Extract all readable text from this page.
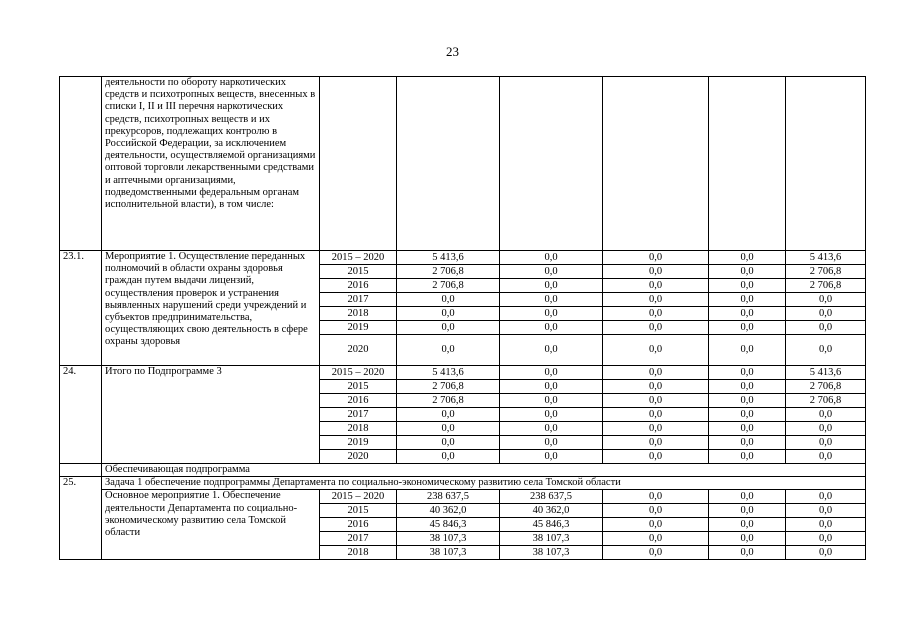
23
	деятельности по обороту наркотических средств и психотропных веществ, внесенных в списки I, II и III перечня наркотических средств, психотропных веществ и их прекурсоров, подлежащих контролю в Российской Федерации, за исключением деятельности, осуществляемой организациями оптовой торговли лекарственными средствами и аптечными организациями, подведомственными федеральным органам исполнительной власти), в том числе:						
23.1.	Мероприятие 1. Осуществление переданных полномочий в области охраны здоровья граждан путем выдачи лицензий, осуществления проверок и устранения выявленных нарушений среди учреждений и субъектов предпринимательства, осуществляющих свою деятельность в сфере охраны здоровья	2015 – 2020	5 413,6	0,0	0,0	0,0	5 413,6
		2015	2 706,8	0,0	0,0	0,0	2 706,8
		2016	2 706,8	0,0	0,0	0,0	2 706,8
		2017	0,0	0,0	0,0	0,0	0,0
		2018	0,0	0,0	0,0	0,0	0,0
		2019	0,0	0,0	0,0	0,0	0,0
		2020	0,0	0,0	0,0	0,0	0,0
24.	Итого по Подпрограмме 3	2015 – 2020	5 413,6	0,0	0,0	0,0	5 413,6
		2015	2 706,8	0,0	0,0	0,0	2 706,8
		2016	2 706,8	0,0	0,0	0,0	2 706,8
		2017	0,0	0,0	0,0	0,0	0,0
		2018	0,0	0,0	0,0	0,0	0,0
		2019	0,0	0,0	0,0	0,0	0,0
		2020	0,0	0,0	0,0	0,0	0,0
	Обеспечивающая подпрограмма						
25.	Задача 1 обеспечение подпрограммы Департамента по социально-экономическому развитию села Томской области						
	Основное мероприятие 1. Обеспечение деятельности Департамента по социально-экономическому развитию села Томской области	2015 – 2020	238 637,5	238 637,5	0,0	0,0	0,0
		2015	40 362,0	40 362,0	0,0	0,0	0,0
		2016	45 846,3	45 846,3	0,0	0,0	0,0
		2017	38 107,3	38 107,3	0,0	0,0	0,0
		2018	38 107,3	38 107,3	0,0	0,0	0,0
